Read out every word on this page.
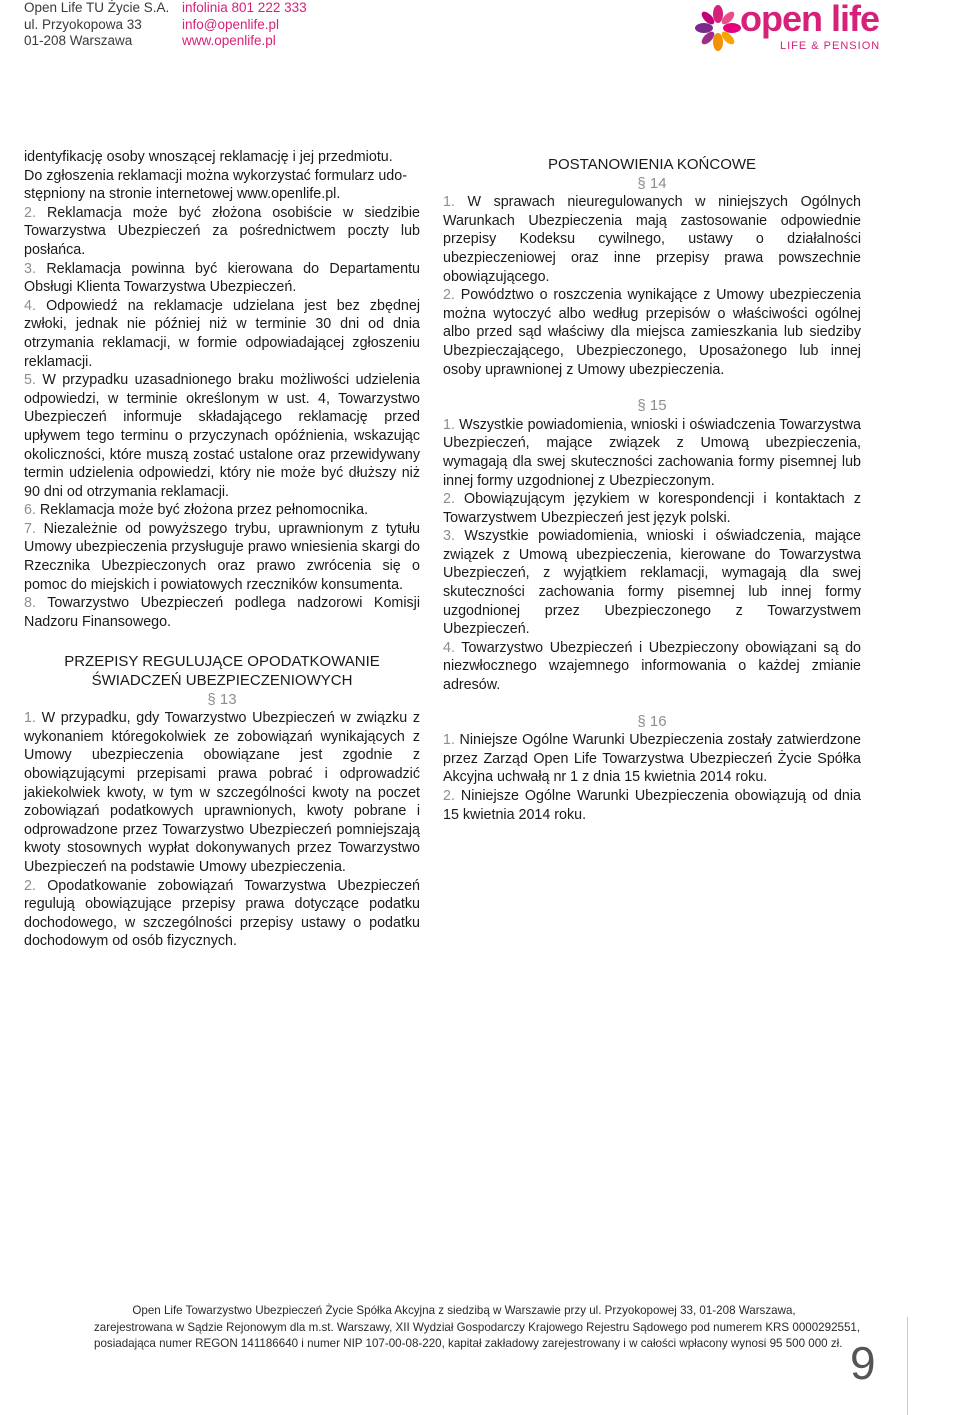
Open Life TU Życie S.A.
ul. Przyokopowa 33
01-208 Warszawa
infolinia 801 222 333
info@openlife.pl
www.openlife.pl
open life
LIFE & PENSION

identyfikację osoby wnoszącej reklamację i jej przedmiotu.

Do zgłoszenia reklamacji można wykorzystać formularz udo-

stępniony na stronie internetowej www.openlife.pl.

2. Reklamacja może być złożona osobiście w siedzibie Towarzystwa Ubezpieczeń za pośrednictwem poczty lub posłańca.
3. Reklamacja powinna być kierowana do Departamentu Obsługi Klienta Towarzystwa Ubezpieczeń.
4. Odpowiedź na reklamacje udzielana jest bez zbędnej zwłoki, jednak nie później niż w terminie 30 dni od dnia otrzymania reklamacji, w formie odpowiadającej zgłoszeniu reklamacji.
5. W przypadku uzasadnionego braku możliwości udzielenia odpowiedzi, w terminie określonym w ust. 4, Towarzystwo Ubezpieczeń informuje składającego reklamację przed upływem tego terminu o przyczynach opóźnienia, wskazując okoliczności, które muszą zostać ustalone oraz przewidywany termin udzielenia odpowiedzi, który nie może być dłuższy niż 90 dni od otrzymania reklamacji.
6. Reklamacja może być złożona przez pełnomocnika.
7. Niezależnie od powyższego trybu, uprawnionym z tytułu Umowy ubezpieczenia przysługuje prawo wniesienia skargi do Rzecznika Ubezpieczonych oraz prawo zwrócenia się o pomoc do miejskich i powiatowych rzeczników konsumenta.
8. Towarzystwo Ubezpieczeń podlega nadzorowi Komisji Nadzoru Finansowego.

PRZEPISY REGULUJĄCE OPODATKOWANIE

ŚWIADCZEŃ UBEZPIECZENIOWYCH

§ 13

1. W przypadku, gdy Towarzystwo Ubezpieczeń w związku z wykonaniem któregokolwiek ze zobowiązań wynikających z Umowy ubezpieczenia obowiązane jest zgodnie z obowiązującymi przepisami prawa pobrać i odprowadzić jakiekolwiek kwoty, w tym w szczególności kwoty na poczet zobowiązań podatkowych uprawnionych, kwoty pobrane i odprowadzone przez Towarzystwo Ubezpieczeń pomniejszają kwoty stosownych wypłat dokonywanych przez Towarzystwo Ubezpieczeń na podstawie Umowy ubezpieczenia.
2. Opodatkowanie zobowiązań Towarzystwa Ubezpieczeń regulują obowiązujące przepisy prawa dotyczące podatku dochodowego, w szczególności przepisy ustawy o podatku dochodowym od osób fizycznych.

POSTANOWIENIA KOŃCOWE

§ 14

1. W sprawach nieuregulowanych w niniejszych Ogólnych Warunkach Ubezpieczenia mają zastosowanie odpowiednie przepisy Kodeksu cywilnego, ustawy o działalności ubezpieczeniowej oraz inne przepisy prawa powszechnie obowiązującego.
2. Powództwo o roszczenia wynikające z Umowy ubezpieczenia można wytoczyć albo według przepisów o właściwości ogólnej albo przed sąd właściwy dla miejsca zamieszkania lub siedziby Ubezpieczającego, Ubezpieczonego, Uposażonego lub innej osoby uprawnionej z Umowy ubezpieczenia.

§ 15

1. Wszystkie powiadomienia, wnioski i oświadczenia Towarzystwa Ubezpieczeń, mające związek z Umową ubezpieczenia, wymagają dla swej skuteczności zachowania formy pisemnej lub innej formy uzgodnionej z Ubezpieczonym.
2. Obowiązującym językiem w korespondencji i kontaktach z Towarzystwem Ubezpieczeń jest język polski.
3. Wszystkie powiadomienia, wnioski i oświadczenia, mające związek z Umową ubezpieczenia, kierowane do Towarzystwa Ubezpieczeń, z wyjątkiem reklamacji, wymagają dla swej skuteczności zachowania formy pisemnej lub innej formy uzgodnionej przez Ubezpieczonego z Towarzystwem Ubezpieczeń.
4. Towarzystwo Ubezpieczeń i Ubezpieczony obowiązani są do niezwłocznego wzajemnego informowania o każdej zmianie adresów.

§ 16

1. Niniejsze Ogólne Warunki Ubezpieczenia zostały zatwierdzone przez Zarząd Open Life Towarzystwa Ubezpieczeń Życie Spółka Akcyjna uchwałą nr 1 z dnia 15 kwietnia 2014 roku.
2. Niniejsze Ogólne Warunki Ubezpieczenia obowiązują od dnia 15 kwietnia 2014 roku.
Open Life Towarzystwo Ubezpieczeń Życie Spółka Akcyjna z siedzibą w Warszawie przy ul. Przyokopowej 33, 01-208 Warszawa,
zarejestrowana w Sądzie Rejonowym dla m.st. Warszawy, XII Wydział Gospodarczy Krajowego Rejestru Sądowego pod numerem KRS 0000292551,
posiadająca numer REGON 141186640 i numer NIP 107-00-08-220, kapitał zakładowy zarejestrowany i w całości wpłacony wynosi 95 500 000 zł. 9
